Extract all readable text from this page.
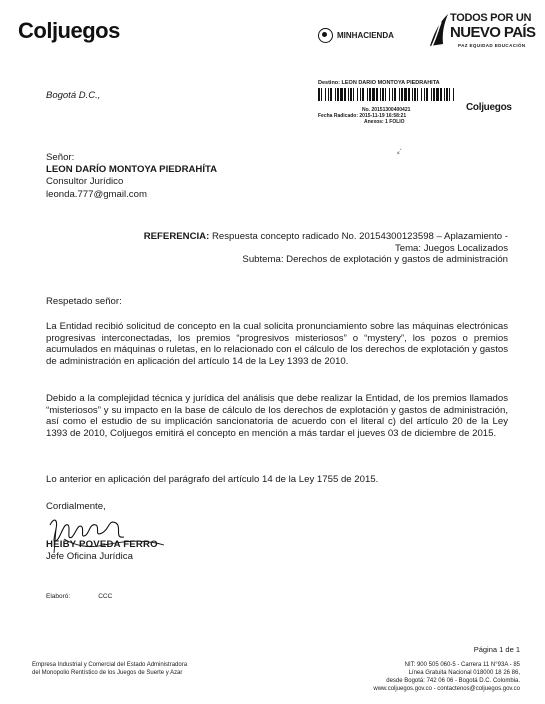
Coljuegos	MINHACIENDA
TODOS POR UN
NUEVO PAÍS
PAZ EQUIDAD EDUCACIÓN
Bogotá D.C.,
Destino: LEON DARIO MONTOYA PIEDRAHITA
No. 20151300400421
Fecha Radicado: 2015-11-19 16:58:21
Anexos: 1 FOLIO
Coljuegos
⸗´
Señor:
LEON DARÍO MONTOYA PIEDRAHÍTA
Consultor Jurídico
leonda.777@gmail.com
REFERENCIA: Respuesta concepto radicado No. 20154300123598 – Aplazamiento -
Tema: Juegos Localizados
Subtema: Derechos de explotación y gastos de administración
Respetado señor:
La Entidad recibió solicitud de concepto en la cual solicita pronunciamiento sobre las máquinas electrónicas progresivas interconectadas, los premios “progresivos misteriosos” o “mystery”, los pozos o premios acumulados en máquinas o ruletas, en lo relacionado con el cálculo de los derechos de explotación y gastos de administración en aplicación del artículo 14 de la Ley 1393 de 2010.
Debido a la complejidad técnica y jurídica del análisis que debe realizar la Entidad, de los premios llamados “misteriosos” y su impacto en la base de cálculo de los derechos de explotación y gastos de administración, así como el estudio de su implicación sancionatoria de acuerdo con el literal c) del artículo 20 de la Ley 1393 de 2010, Coljuegos emitirá el concepto en mención a más tardar el jueves 03 de diciembre de 2015.
Lo anterior en aplicación del parágrafo del artículo 14 de la Ley 1755 de 2015.
Cordialmente,
HEIBY POVEDA FERRO
Jefe Oficina Jurídica
Elaboró:	CCC
Página 1 de 1
Empresa Industrial y Comercial del Estado Administradora
del Monopolio Rentístico de los Juegos de Suerte y Azar
NIT: 900 505 060-5 - Carrera 11 N°93A - 85
Línea Gratuita Nacional 018000 18 26 86,
desde Bogotá: 742 06 06 - Bogotá D.C. Colombia.
www.coljuegos.gov.co - contactenos@coljuegos.gov.co
